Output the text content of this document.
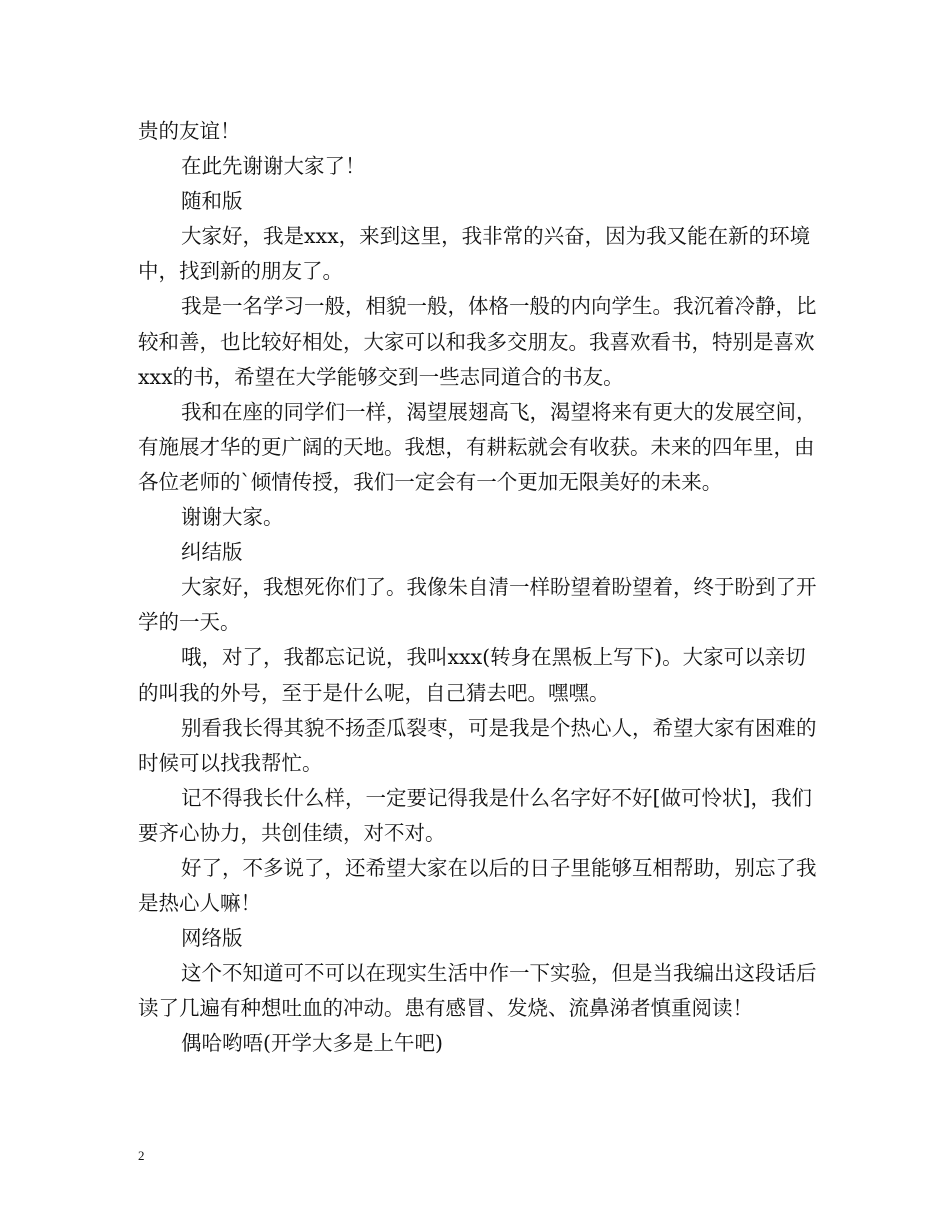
贵的友谊！

在此先谢谢大家了！

随和版

大家好，我是xxx，来到这里，我非常的兴奋，因为我又能在新的环境中，找到新的朋友了。

我是一名学习一般，相貌一般，体格一般的内向学生。我沉着冷静，比较和善，也比较好相处，大家可以和我多交朋友。我喜欢看书，特别是喜欢xxx的书，希望在大学能够交到一些志同道合的书友。

我和在座的同学们一样，渴望展翅高飞，渴望将来有更大的发展空间，有施展才华的更广阔的天地。我想，有耕耘就会有收获。未来的四年里，由各位老师的`倾情传授，我们一定会有一个更加无限美好的未来。

谢谢大家。

纠结版

大家好，我想死你们了。我像朱自清一样盼望着盼望着，终于盼到了开学的一天。

哦，对了，我都忘记说，我叫xxx(转身在黑板上写下)。大家可以亲切的叫我的外号，至于是什么呢，自己猜去吧。嘿嘿。

别看我长得其貌不扬歪瓜裂枣，可是我是个热心人，希望大家有困难的时候可以找我帮忙。

记不得我长什么样，一定要记得我是什么名字好不好[做可怜状]，我们要齐心协力，共创佳绩，对不对。

好了，不多说了，还希望大家在以后的日子里能够互相帮助，别忘了我是热心人嘛！

网络版

这个不知道可不可以在现实生活中作一下实验，但是当我编出这段话后读了几遍有种想吐血的冲动。患有感冒、发烧、流鼻涕者慎重阅读！

偶哈哟唔(开学大多是上午吧)

2
